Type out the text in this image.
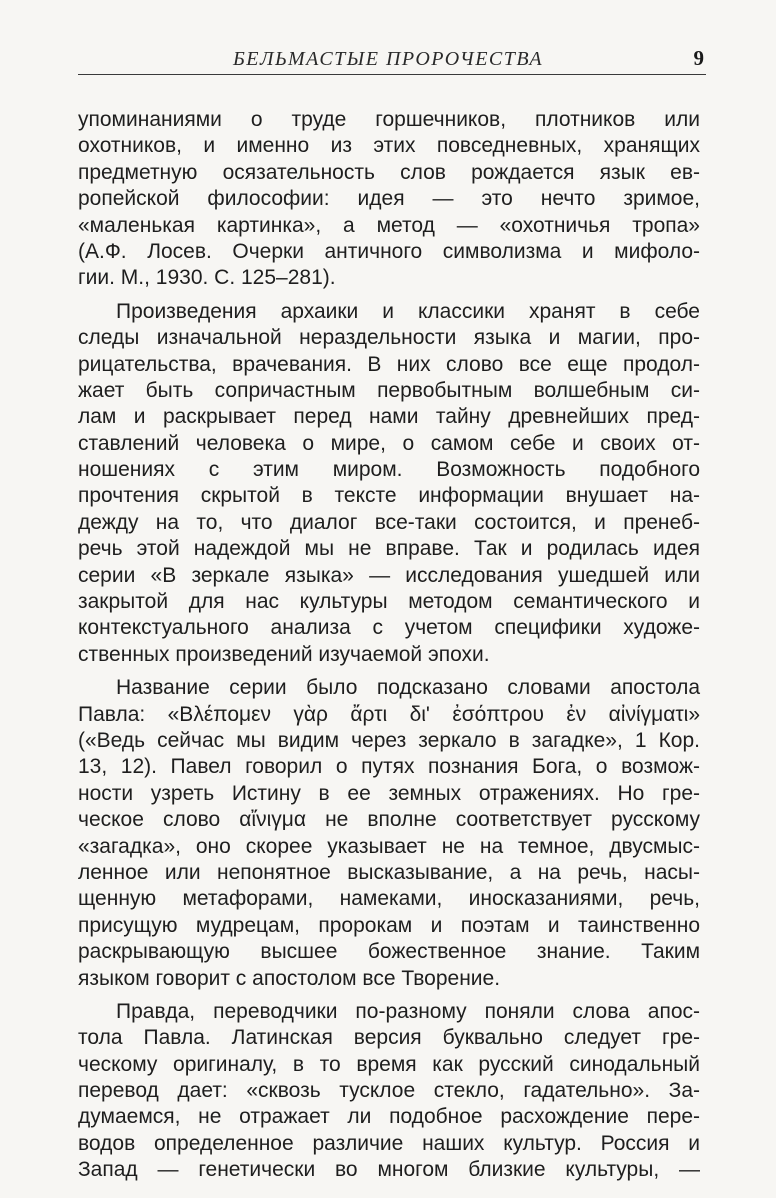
БЕЛЬМАСТЫЕ ПРОРОЧЕСТВА	9

упоминаниями о труде горшечников, плотников или
охотников, и именно из этих повседневных, хранящих
предметную осязательность слов рождается язык ев-
ропейской философии: идея — это нечто зримое,
«маленькая картинка», а метод — «охотничья тропа»
(А.Ф. Лосев. Очерки античного символизма и мифоло-
гии. М., 1930. С. 125–281).

Произведения архаики и классики хранят в себе
следы изначальной нераздельности языка и магии, про-
рицательства, врачевания. В них слово все еще продол-
жает быть сопричастным первобытным волшебным си-
лам и раскрывает перед нами тайну древнейших пред-
ставлений человека о мире, о самом себе и своих от-
ношениях с этим миром. Возможность подобного
прочтения скрытой в тексте информации внушает на-
дежду на то, что диалог все-таки состоится, и пренеб-
речь этой надеждой мы не вправе. Так и родилась идея
серии «В зеркале языка» — исследования ушедшей или
закрытой для нас культуры методом семантического и
контекстуального анализа с учетом специфики художе-
ственных произведений изучаемой эпохи.

Название серии было подсказано словами апостола
Павла: «Βλέπομεν γὰρ ἄρτι δι' ἐσόπτρου ἐν αἰνίγματι»
(«Ведь сейчас мы видим через зеркало в загадке», 1 Кор.
13, 12). Павел говорил о путях познания Бога, о возмож-
ности узреть Истину в ее земных отражениях. Но гре-
ческое слово αἴνιγμα не вполне соответствует русскому
«загадка», оно скорее указывает не на темное, двусмыс-
ленное или непонятное высказывание, а на речь, насы-
щенную метафорами, намеками, иносказаниями, речь,
присущую мудрецам, пророкам и поэтам и таинственно
раскрывающую высшее божественное знание. Таким
языком говорит с апостолом все Творение.

Правда, переводчики по-разному поняли слова апос-
тола Павла. Латинская версия буквально следует гре-
ческому оригиналу, в то время как русский синодальный
перевод дает: «сквозь тусклое стекло, гадательно». За-
думаемся, не отражает ли подобное расхождение пере-
водов определенное различие наших культур. Россия и
Запад — генетически во многом близкие культуры, —
